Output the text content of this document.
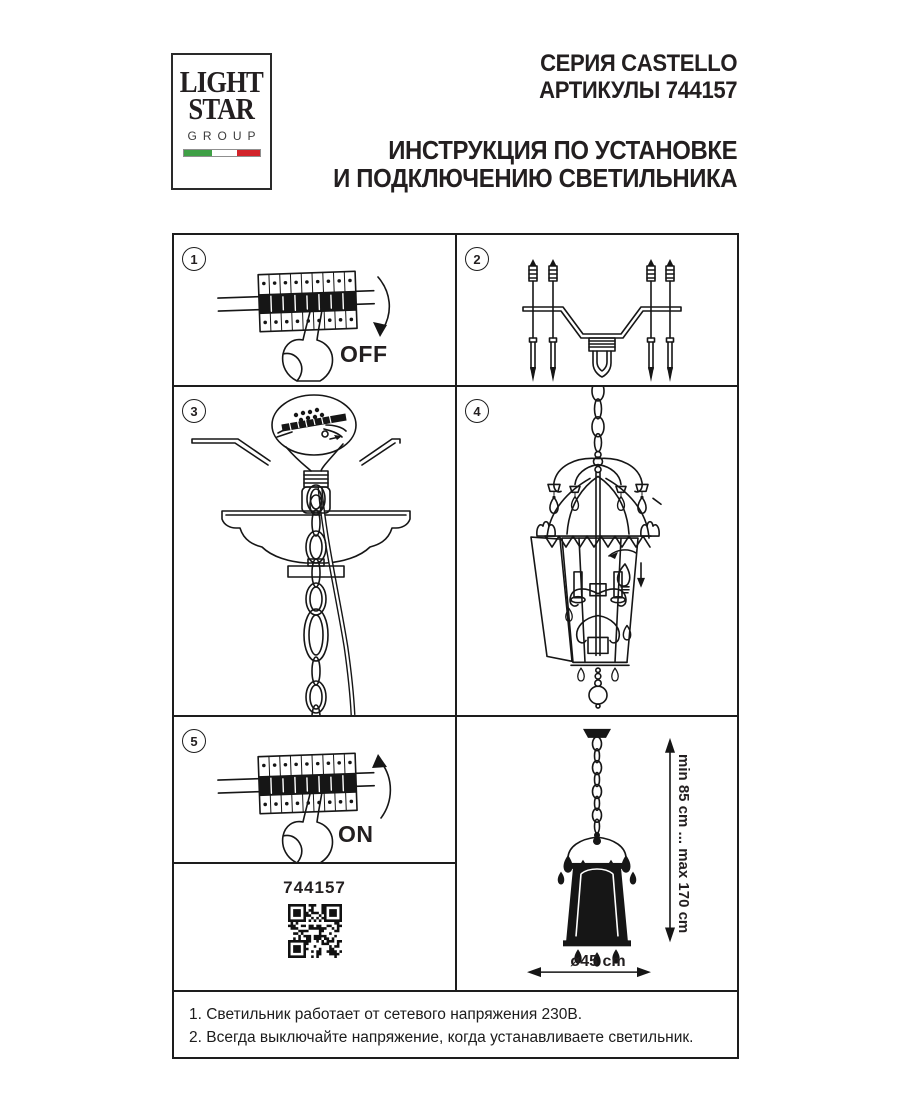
LIGHT
STAR
GROUP
СЕРИЯ CASTELLO
АРТИКУЛЫ 744157
ИНСТРУКЦИЯ ПО УСТАНОВКЕ
И ПОДКЛЮЧЕНИЮ СВЕТИЛЬНИКА
1
OFF
2
3	4
5
ON
744157	min 85 cm ... max 170 cm
ø45 cm
1. Светильник работает от сетевого напряжения 230В.
2. Всегда выключайте напряжение, когда устанавливаете светильник.
